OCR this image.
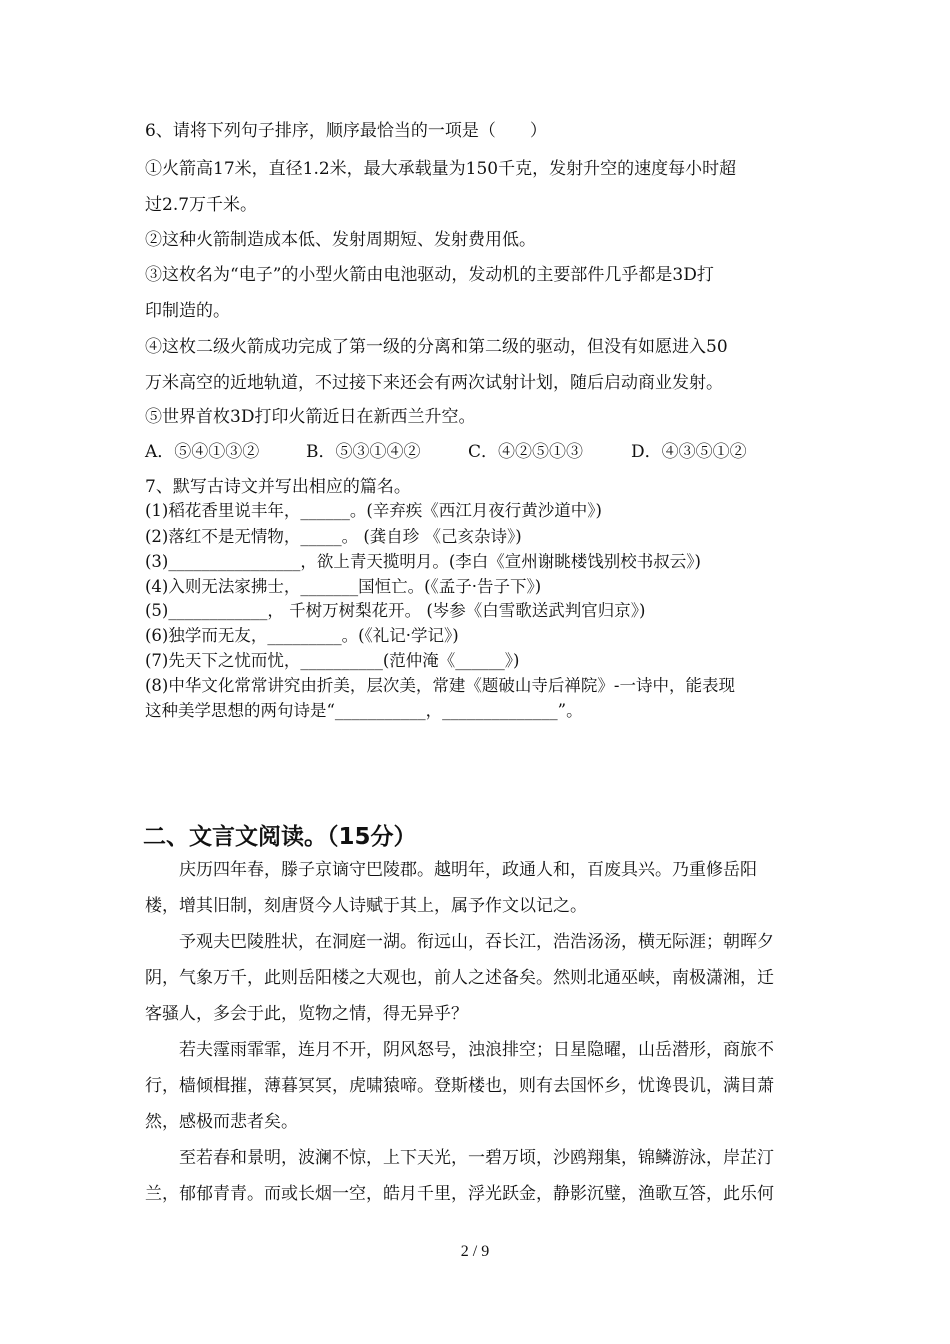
6、请将下列句子排序，顺序最恰当的一项是（　　）
①火箭高17米，直径1.2米，最大承载量为150千克，发射升空的速度每小时超
过2.7万千米。
②这种火箭制造成本低、发射周期短、发射费用低。
③这枚名为“电子”的小型火箭由电池驱动，发动机的主要部件几乎都是3D打
印制造的。
④这枚二级火箭成功完成了第一级的分离和第二级的驱动，但没有如愿进入50
万米高空的近地轨道，不过接下来还会有两次试射计划，随后启动商业发射。
⑤世界首枚3D打印火箭近日在新西兰升空。
A．⑤④①③②	B．⑤③①④②	C．④②⑤①③	D．④③⑤①②
7、默写古诗文并写出相应的篇名。
(1)稻花香里说丰年，______。(辛弃疾《西江月夜行黄沙道中》)
(2)落红不是无情物，_____。 (龚自珍 《己亥杂诗》)
(3)________________，欲上青天揽明月。(李白《宣州谢眺楼饯别校书叔云》)
(4)入则无法家拂士，_______国恒亡。(《孟子·告子下》)
(5)____________， 千树万树梨花开。 (岑参《白雪歌送武判官归京》)
(6)独学而无友，_________。(《礼记·学记》)
(7)先天下之忧而忧，__________(范仲淹《______》)
(8)中华文化常常讲究由折美，层次美，常建《题破山寺后禅院》-一诗中，能表现
这种美学思想的两句诗是“___________，______________”。
二、文言文阅读。（15分）
　　庆历四年春，滕子京谪守巴陵郡。越明年，政通人和，百废具兴。乃重修岳阳
楼，增其旧制，刻唐贤今人诗赋于其上，属予作文以记之。
　　予观夫巴陵胜状，在洞庭一湖。衔远山，吞长江，浩浩汤汤，横无际涯；朝晖夕
阴，气象万千，此则岳阳楼之大观也，前人之述备矣。然则北通巫峡，南极潇湘，迁
客骚人，多会于此，览物之情，得无异乎？
　　若夫霪雨霏霏，连月不开，阴风怒号，浊浪排空；日星隐曜，山岳潜形，商旅不
行，樯倾楫摧，薄暮冥冥，虎啸猿啼。登斯楼也，则有去国怀乡，忧谗畏讥，满目萧
然，感极而悲者矣。
　　至若春和景明，波澜不惊，上下天光，一碧万顷，沙鸥翔集，锦鳞游泳，岸芷汀
兰，郁郁青青。而或长烟一空，皓月千里，浮光跃金，静影沉璧，渔歌互答，此乐何
2 / 9
